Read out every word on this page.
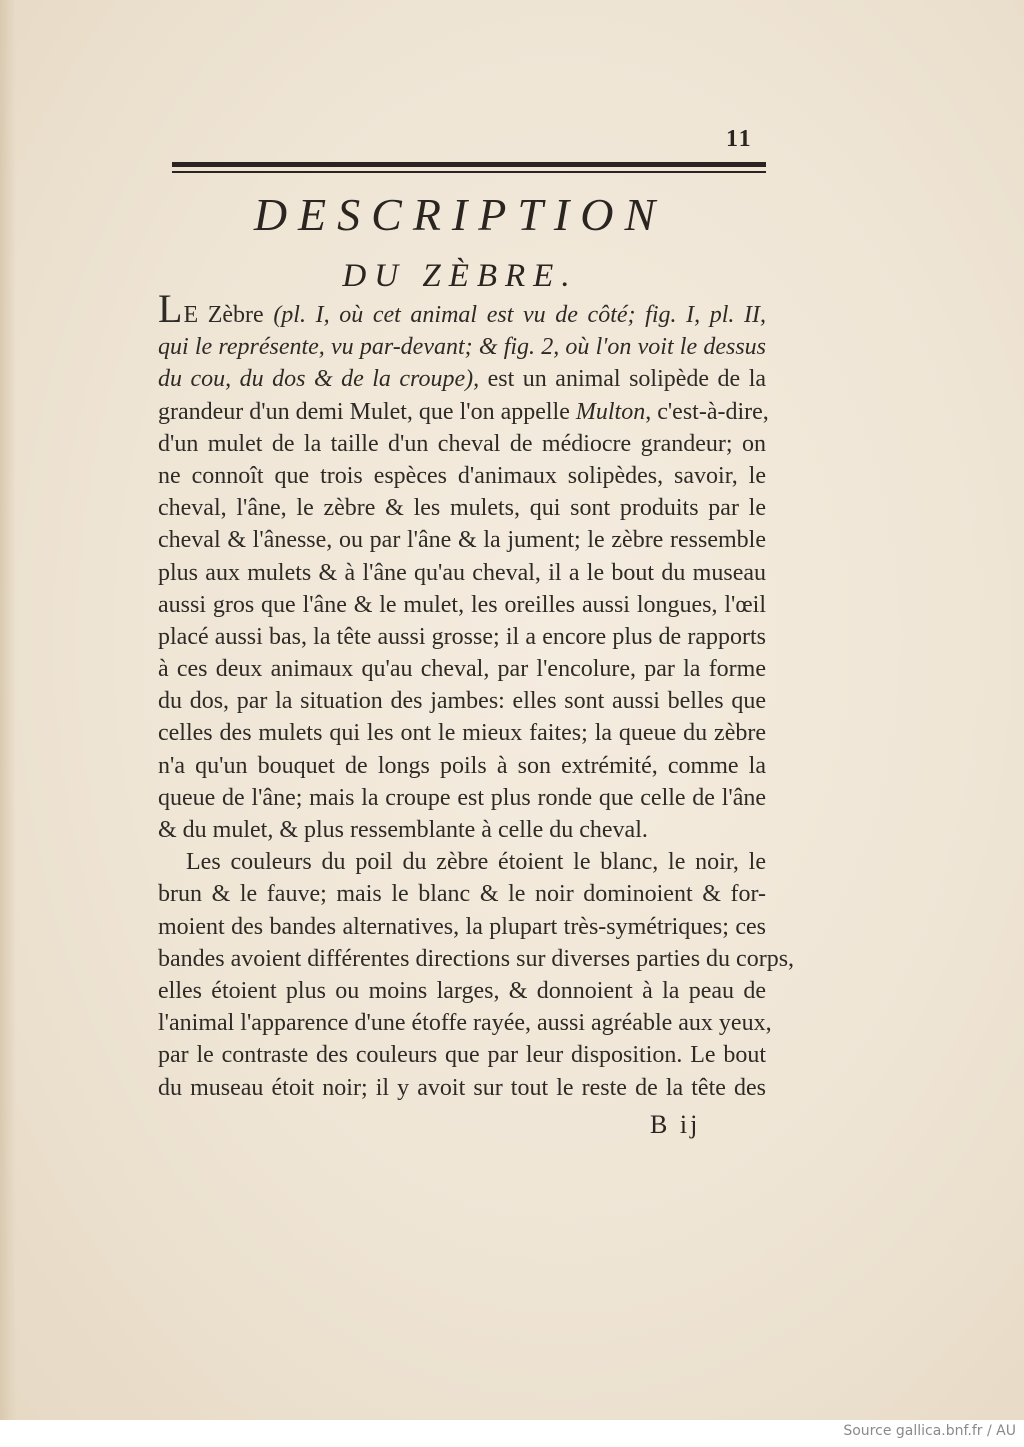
11
DESCRIPTION
DU ZÈBRE.
LE Zèbre (pl. I, où cet animal est vu de côté; fig. I, pl. II,
qui le représente, vu par-devant; & fig. 2, où l'on voit le dessus
du cou, du dos & de la croupe), est un animal solipède de la
grandeur d'un demi Mulet, que l'on appelle Multon, c'est-à-dire,
d'un mulet de la taille d'un cheval de médiocre grandeur; on
ne connoît que trois espèces d'animaux solipèdes, savoir, le
cheval, l'âne, le zèbre & les mulets, qui sont produits par le
cheval & l'ânesse, ou par l'âne & la jument; le zèbre ressemble
plus aux mulets & à l'âne qu'au cheval, il a le bout du museau
aussi gros que l'âne & le mulet, les oreilles aussi longues, l'œil
placé aussi bas, la tête aussi grosse; il a encore plus de rapports
à ces deux animaux qu'au cheval, par l'encolure, par la forme
du dos, par la situation des jambes: elles sont aussi belles que
celles des mulets qui les ont le mieux faites; la queue du zèbre
n'a qu'un bouquet de longs poils à son extrémité, comme la
queue de l'âne; mais la croupe est plus ronde que celle de l'âne
& du mulet, & plus ressemblante à celle du cheval.
Les couleurs du poil du zèbre étoient le blanc, le noir, le
brun & le fauve; mais le blanc & le noir dominoient & for-
moient des bandes alternatives, la plupart très-symétriques; ces
bandes avoient différentes directions sur diverses parties du corps,
elles étoient plus ou moins larges, & donnoient à la peau de
l'animal l'apparence d'une étoffe rayée, aussi agréable aux yeux,
par le contraste des couleurs que par leur disposition. Le bout
du museau étoit noir; il y avoit sur tout le reste de la tête des
B ij
Source gallica.bnf.fr / AU
